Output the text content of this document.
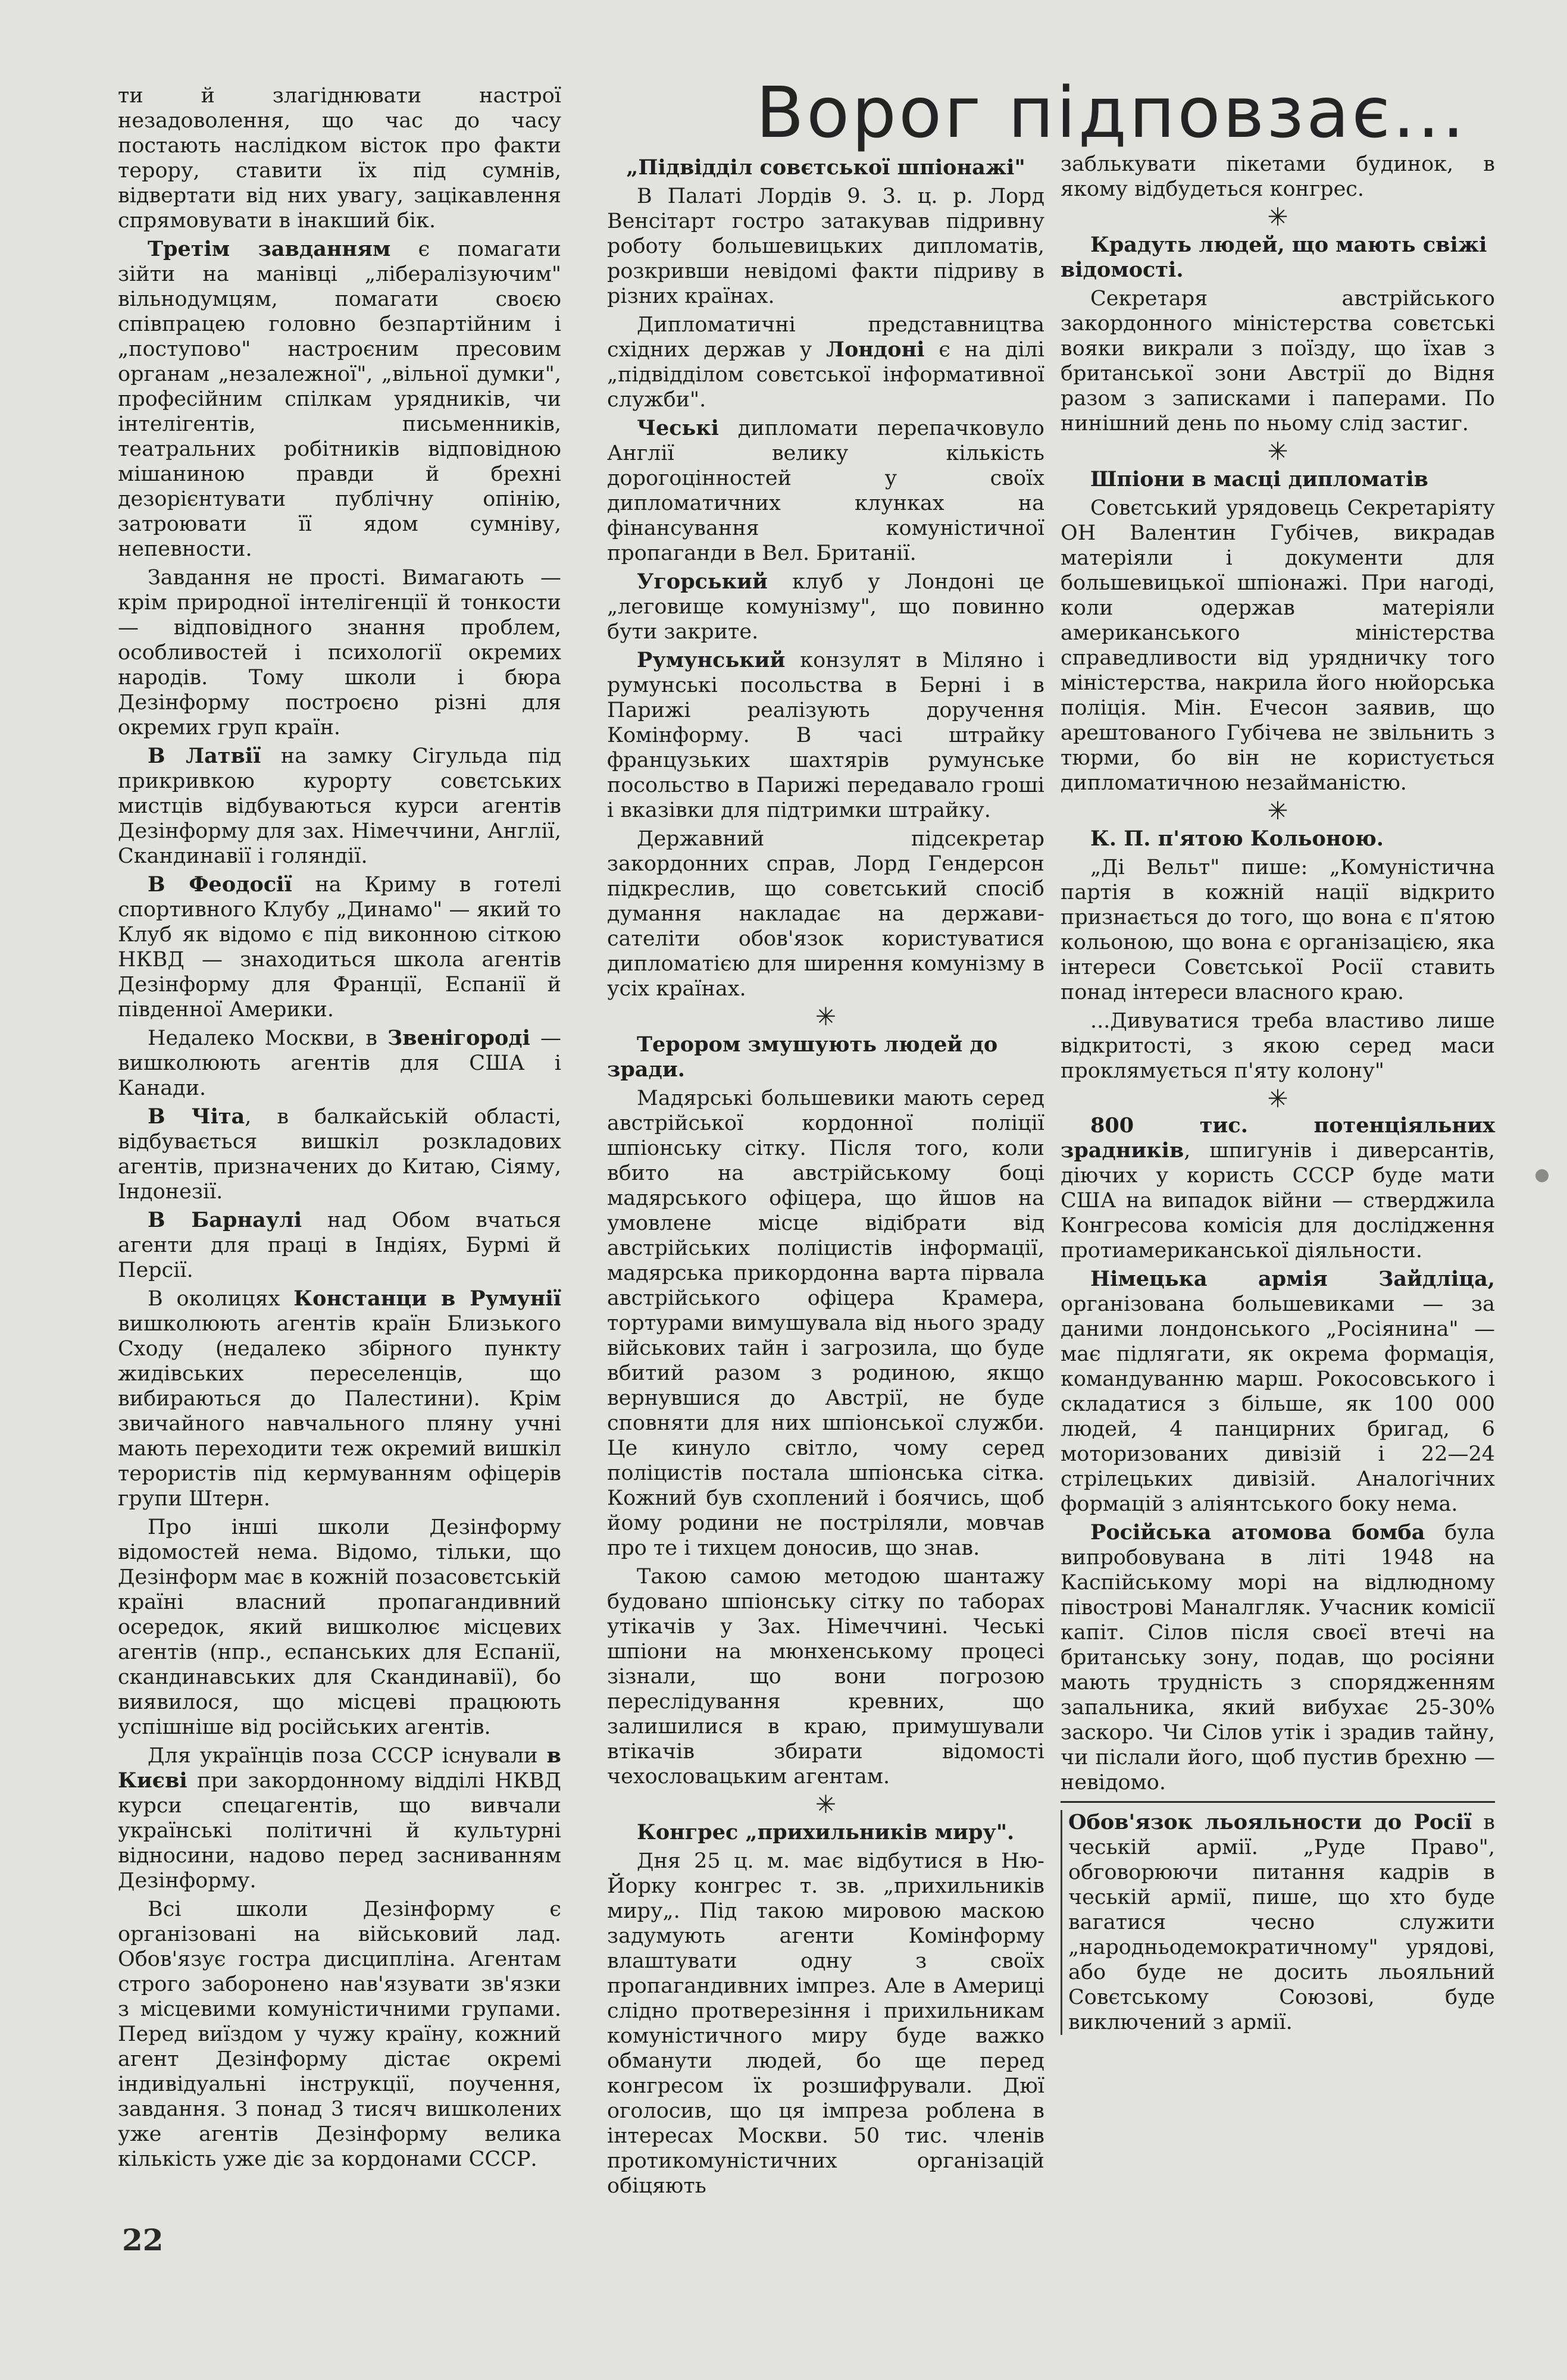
Ворог підповзає...

ти й злагіднювати настрої незадоволення, що час до часу постають наслідком вісток про факти терору, ставити їх під сумнів, відвертати від них увагу, зацікавлення спрямовувати в інакший бік.

Третім завданням є помагати зійти на манівці „лібералізуючим" вільнодумцям, помагати своєю співпрацею головно безпартійним і „поступово" настроєним пресовим органам „незалежної", „вільної думки", професійним спілкам урядників, чи інтелігентів, письменників, театральних робітників відповідною мішаниною правди й брехні дезорієнтувати публічну опінію, затроювати її ядом сумніву, непевности.

Завдання не прості. Вимагають — крім природної інтелігенції й тонкости — відповідного знання проблем, особливостей і психології окремих народів. Тому школи і бюра Дезінформу построєно різні для окремих груп країн.

В Латвії на замку Сігульда під прикривкою курорту совєтських мистців відбуваються курси агентів Дезінформу для зах. Німеччини, Англії, Скандинавії і голяндії.

В Феодосії на Криму в готелі спортивного Клубу „Динамо" — який то Клуб як відомо є під виконною сіткою НКВД — знаходиться школа агентів Дезінформу для Франції, Еспанії й південної Америки.

Недалеко Москви, в Звенігороді —вишколюють агентів для США і Канади.

В Чіта, в балкайській області, відбувається вишкіл розкладових агентів, призначених до Китаю, Сіяму, Індонезії.

В Барнаулі над Обом вчаться агенти для праці в Індіях, Бурмі й Персії.

В околицях Констанци в Румунії вишколюють агентів країн Близького Сходу (недалеко збірного пункту жидівських переселенців, що вибираються до Палестини). Крім звичайного навчального пляну учні мають переходити теж окремий вишкіл терористів під кермуванням офіцерів групи Штерн.

Про інші школи Дезінформу відомостей нема. Відомо, тільки, що Дезінформ має в кожній позасовєтській країні власний пропагандивний осередок, який вишколює місцевих агентів (нпр., еспанських для Еспанії, скандинавських для Скандинавії), бо виявилося, що місцеві працюють успішніше від російських агентів.

Для українців поза СССР існували в Києві при закордонному відділі НКВД курси спецагентів, що вивчали українські політичні й культурні відносини, надово перед засниванням Дезінформу.

Всі школи Дезінформу є організовані на військовий лад. Обов'язує гостра дисципліна. Агентам строго заборонено нав'язувати зв'язки з місцевими комуністичними групами. Перед виїздом у чужу країну, кожний агент Дезінформу дістає окремі індивідуальні інструкції, поучення, завдання. З понад 3 тисяч вишколених уже агентів Дезінформу велика кількість уже діє за кордонами СССР.

„Підвідділ совєтської шпіонажі"

В Палаті Лордів 9. 3. ц. р. Лорд Венсітарт гостро затакував підривну роботу большевицьких дипломатів, розкривши невідомі факти підриву в різних країнах.

Дипломатичні представництва східних держав у Лондоні є на ділі „підвідділом совєтської інформативної служби".

Чеські дипломати перепачковуло Англії велику кількість дорогоцінностей у своїх дипломатичних клунках на фінансування комуністичної пропаганди в Вел. Британії.

Угорський клуб у Лондоні це „леговище комунізму", що повинно бути закрите.

Румунський конзулят в Міляно і румунські посольства в Берні і в Парижі реалізують доручення Комінформу. В часі штрайку французьких шахтярів румунське посольство в Парижі передавало гроші і вказівки для підтримки штрайку.

Державний підсекретар закордонних справ, Лорд Гендерсон підкреслив, що совєтський спосіб думання накладає на держави-сателіти обов'язок користуватися дипломатією для ширення комунізму в усіх країнах.

✳
Терором змушують людей до зради.

Мадярські большевики мають серед австрійської кордонної поліції шпіонську сітку. Після того, коли вбито на австрійському боці мадярського офіцера, що йшов на умовлене місце відібрати від австрійських поліцистів інформації, мадярська прикордонна варта пірвала австрійського офіцера Крамера, тортурами вимушувала від нього зраду військових тайн і загрозила, що буде вбитий разом з родиною, якщо вернувшися до Австрії, не буде сповняти для них шпіонської служби. Це кинуло світло, чому серед поліцистів постала шпіонська сітка. Кожний був схоплений і боячись, щоб йому родини не постріляли, мовчав про те і тихцем доносив, що знав.

Такою самою методою шантажу будовано шпіонську сітку по таборах утікачів у Зах. Німеччині. Чеські шпіони на мюнхенському процесі зізнали, що вони погрозою переслідування кревних, що залишилися в краю, примушували втікачів збирати відомості чехословацьким агентам.

✳
Конгрес „прихильників миру".

Дня 25 ц. м. має відбутися в Ню-Йорку конгрес т. зв. „прихильників миру„. Під такою мировою маскою задумують агенти Комінформу влаштувати одну з своїх пропагандивних імпрез. Але в Америці слідно протверезіння і прихильникам комуністичного миру буде важко обманути людей, бо ще перед конгресом їх розшифрували. Дюї оголосив, що ця імпреза роблена в інтересах Москви. 50 тис. членів протикомуністичних організацій обіцяють

заблькувати пікетами будинок, в якому відбудеться конгрес.

✳
Крадуть людей, що мають свіжі відомості.

Секретаря австрійського закордонного міністерства совєтські вояки викрали з поїзду, що їхав з британської зони Австрії до Відня разом з записками і паперами. По нинішний день по ньому слід застиг.

✳
Шпіони в масці дипломатів

Совєтський урядовець Секретаріяту ОН Валентин Губічев, викрадав матеріяли і документи для большевицької шпіонажі. При нагоді, коли одержав матеріяли американського міністерства справедливости від урядничку того міністерства, накрила його нюйорська поліція. Мін. Ечесон заявив, що арештованого Губічева не звільнить з тюрми, бо він не користується дипломатичною незайманістю.

✳
К. П. п'ятою Кольоною.

„Ді Вельт" пише: „Комуністична партія в кожній нації відкрито признається до того, що вона є п'ятою кольоною, що вона є організацією, яка інтереси Совєтської Росії ставить понад інтереси власного краю.

...Дивуватися треба властиво лише відкритості, з якою серед маси проклямується п'яту колону"

✳

800 тис. потенціяльних зрадників, шпигунів і диверсантів, діючих у користь СССР буде мати США на випадок війни — стверджила Конгресова комісія для дослідження протиамериканської діяльности.

Німецька армія Зайдліца, організована большевиками — за даними лондонського „Росіянина" — має підлягати, як окрема формація, командуванню марш. Рокосовського і складатися з більше, як 100 000 людей, 4 панцирних бригад, 6 моторизованих дивізій і 22—24 стрілецьких дивізій. Аналогічних формацій з аліянтського боку нема.

Російська атомова бомба була випробовувана в літі 1948 на Каспійському морі на відлюдному півострові Маналгляк. Учасник комісії капіт. Сілов після своєї втечі на британську зону, подав, що росіяни мають трудність з спорядженням запальника, який вибухає 25-30% заскоро. Чи Сілов утік і зрадив тайну, чи післали його, щоб пустив брехню — невідомо.

Обов'язок льояльности до Росії в чеській армії. „Руде Право", обговорюючи питання кадрів в чеській армії, пише, що хто буде вагатися чесно служити „народньодемократичному" урядові, або буде не досить льояльний Совєтському Союзові, буде виключений з армії.

22
